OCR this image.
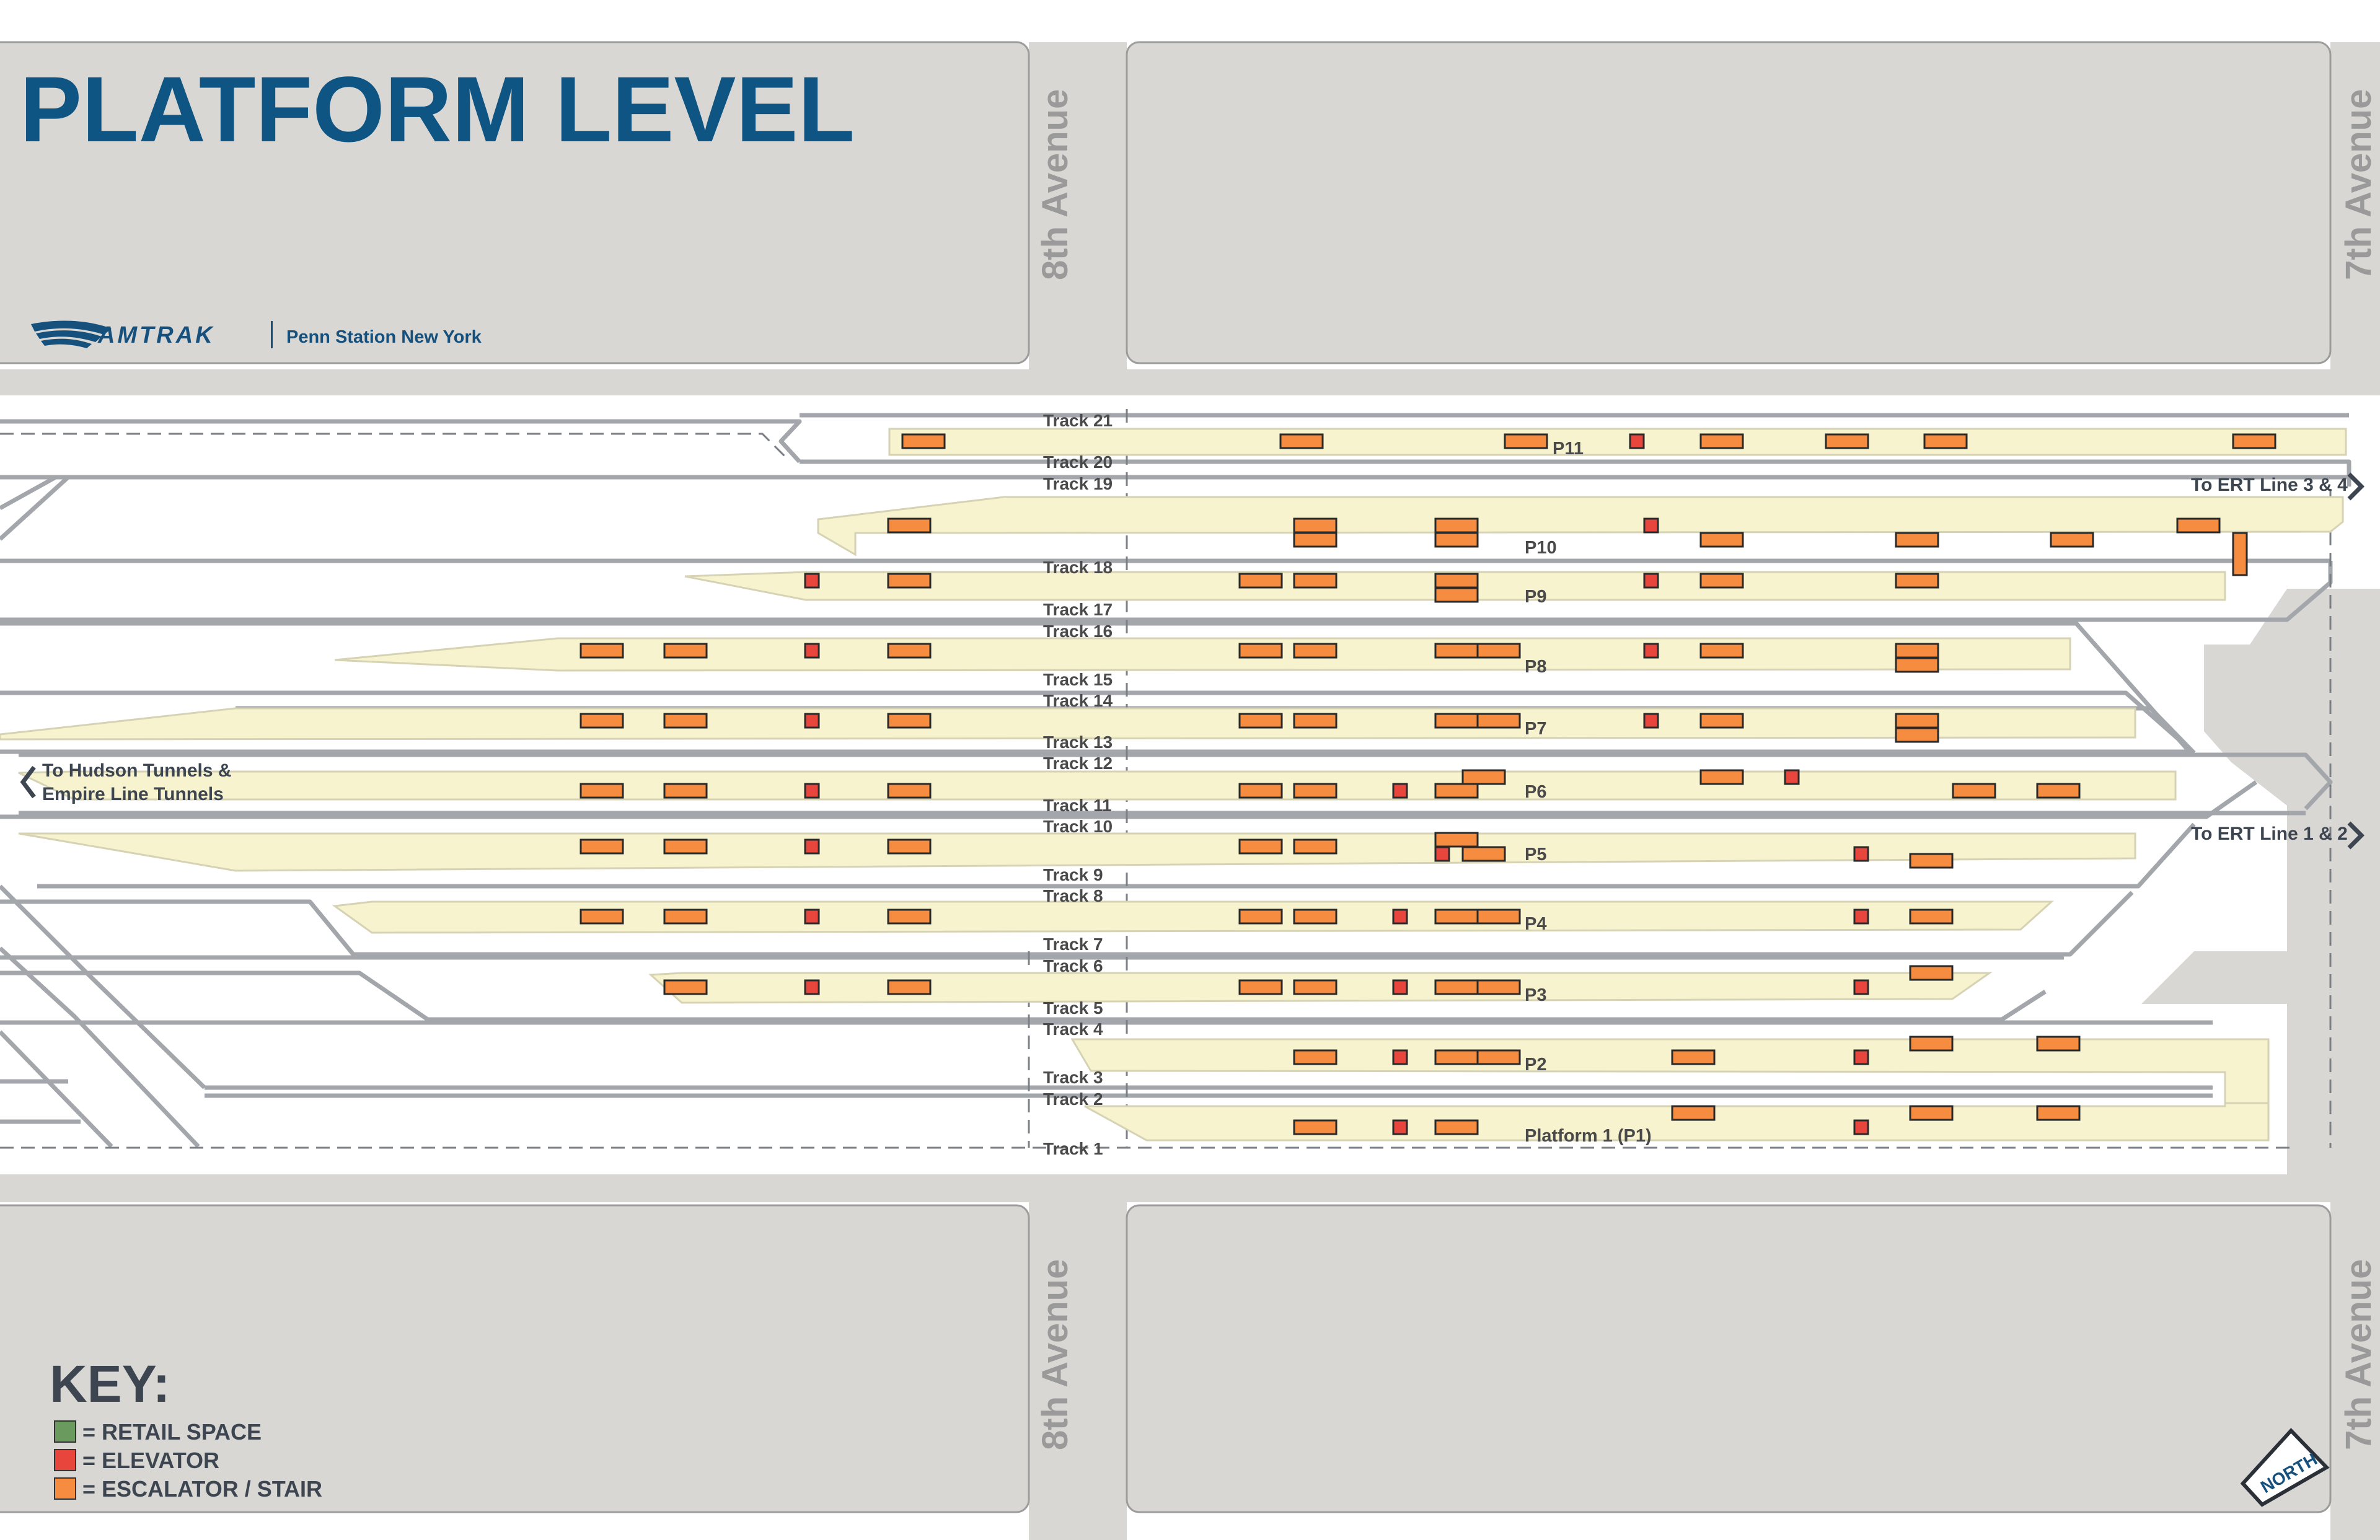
8th Avenue	7th Avenue
8th Avenue	7th Avenue
PLATFORM LEVEL
AMTRAK	Penn Station New York
Track 21
Track 20
Track 19
Track 18
Track 17
Track 16
Track 15
Track 14
Track 13
Track 12
Track 11
Track 10
Track 9
Track 8
Track 7
Track 6
Track 5
Track 4
Track 3
Track 2
Track 1
P11
P10
P9
P8
P7
P6
P5
P4
P3
P2
Platform 1 (P1)
To ERT Line 3 & 4
To ERT Line 1 & 2
To Hudson Tunnels &
Empire Line Tunnels
KEY:
= RETAIL SPACE
= ELEVATOR
= ESCALATOR / STAIR	NORTH
